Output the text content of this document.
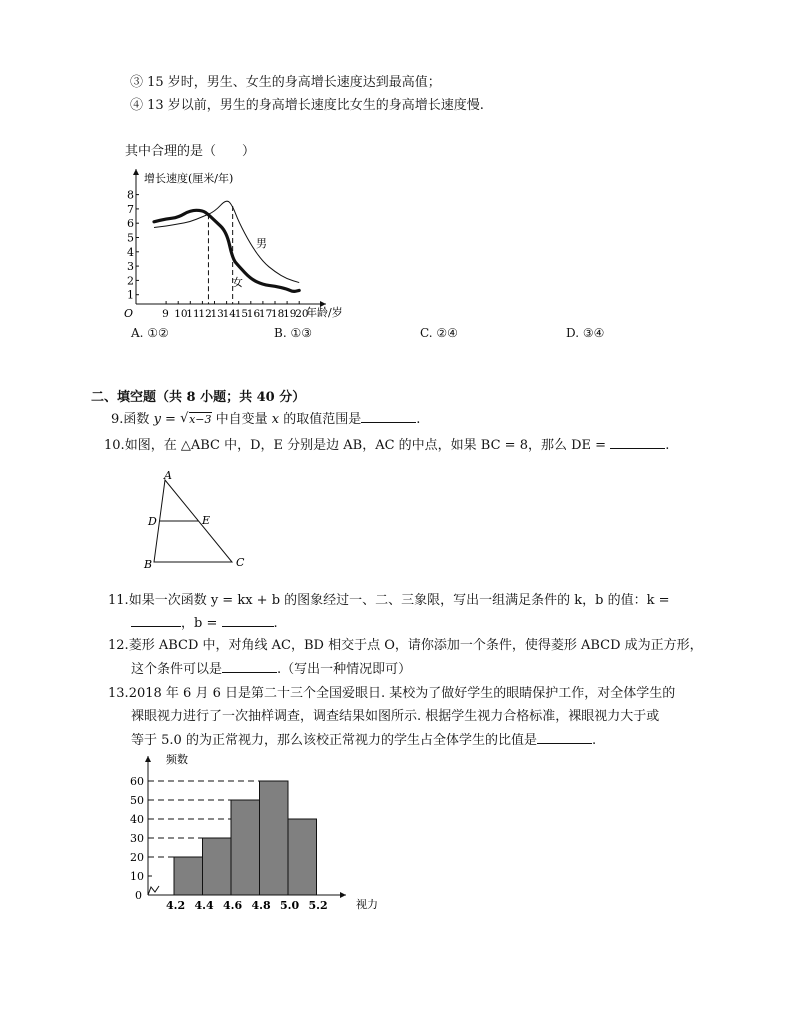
③ 15 岁时，男生、女生的身高增长速度达到最高值；
④ 13 岁以前，男生的身高增长速度比女生的身高增长速度慢.
其中合理的是（　　）
增长速度(厘米/年)
年龄/岁
O
1
2
3
4
5
6
7
8
9 10
11
12
13
14
15
16
17
18
19
20
男
女
A. ①②	B. ①③	C. ②④	D. ③④
二、填空题（共 8 小题；共 40 分）
9.函数 y = √ x−3 中自变量 x 的取值范围是	.
10.如图，在 △ABC 中，D，E 分别是边 AB，AC 的中点，如果 BC = 8，那么 DE =	.
A
B	C
D	E
11.如果一次函数 y = kx + b 的图象经过一、二、三象限，写出一组满足条件的 k，b 的值：k =
，b =	.
12.菱形 ABCD 中，对角线 AC，BD 相交于点 O，请你添加一个条件，使得菱形 ABCD 成为正方形，
这个条件可以是	.（写出一种情况即可）
13.2018 年 6 月 6 日是第二十三个全国爱眼日. 某校为了做好学生的眼睛保护工作，对全体学生的
裸眼视力进行了一次抽样调查，调查结果如图所示. 根据学生视力合格标准，裸眼视力大于或
等于 5.0 的为正常视力，那么该校正常视力的学生占全体学生的比值是	.
频数
视力
0
10
20
30
40
50
60
4.2 4.4 4.6 4.8 5.0 5.2
